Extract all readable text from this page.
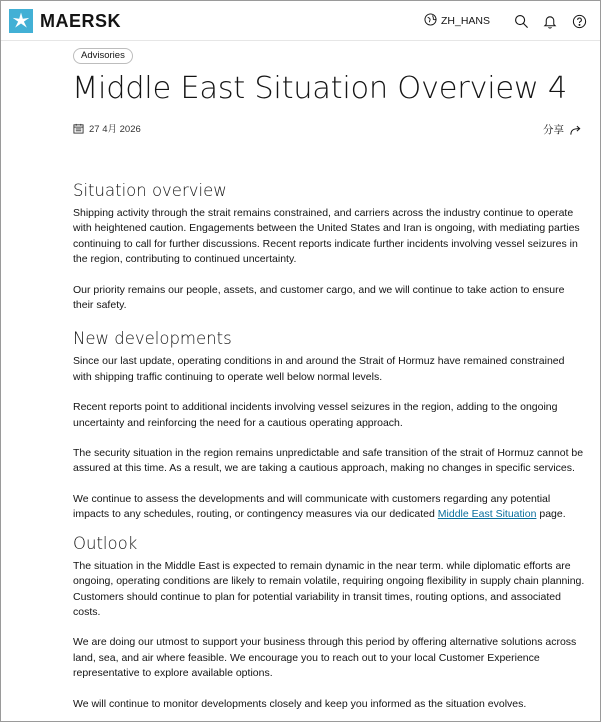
MAERSK	ZH_HANS
Advisories
Middle East Situation Overview 4
27 4月 2026	分享
Situation overview

Shipping activity through the strait remains constrained, and carriers across the industry continue to operate with heightened caution. Engagements between the United States and Iran is ongoing, with mediating parties continuing to call for further discussions. Recent reports indicate further incidents involving vessel seizures in the region, contributing to continued uncertainty.

Our priority remains our people, assets, and customer cargo, and we will continue to take action to ensure their safety.

New developments

Since our last update, operating conditions in and around the Strait of Hormuz have remained constrained with shipping traffic continuing to operate well below normal levels.

Recent reports point to additional incidents involving vessel seizures in the region, adding to the ongoing uncertainty and reinforcing the need for a cautious operating approach.

The security situation in the region remains unpredictable and safe transition of the strait of Hormuz cannot be assured at this time. As a result, we are taking a cautious approach, making no changes in specific services.

We continue to assess the developments and will communicate with customers regarding any potential impacts to any schedules, routing, or contingency measures via our dedicated Middle East Situation page.

Outlook

The situation in the Middle East is expected to remain dynamic in the near term. while diplomatic efforts are ongoing, operating conditions are likely to remain volatile, requiring ongoing flexibility in supply chain planning. Customers should continue to plan for potential variability in transit times, routing options, and associated costs.

We are doing our utmost to support your business through this period by offering alternative solutions across land, sea, and air where feasible. We encourage you to reach out to your local Customer Experience representative to explore available options.

We will continue to monitor developments closely and keep you informed as the situation evolves.
